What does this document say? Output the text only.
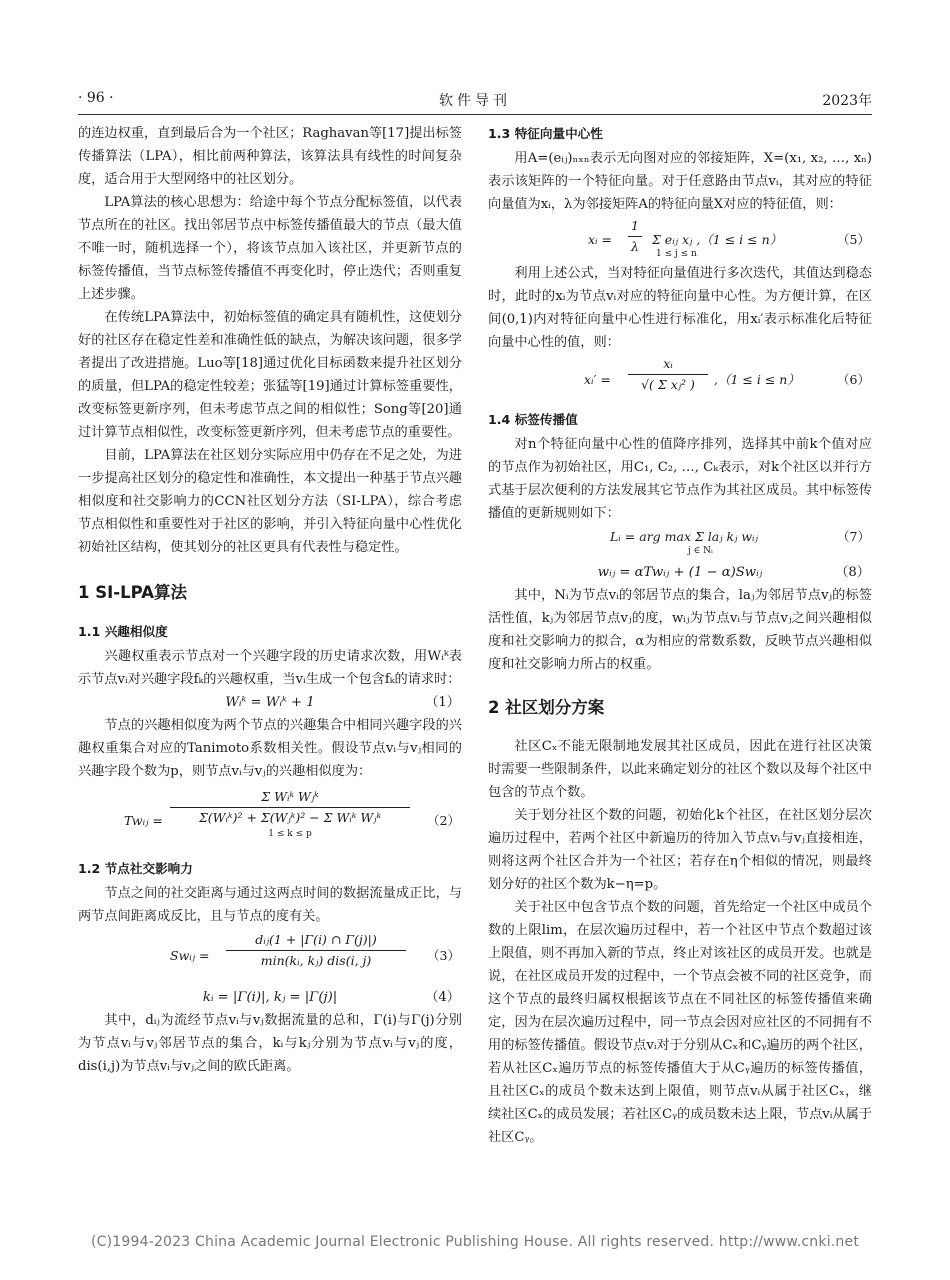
· 96 ·	软件导刊	2023年

的连边权重，直到最后合为一个社区；Raghavan等[17]提出标签传播算法（LPA），相比前两种算法，该算法具有线性的时间复杂度，适合用于大型网络中的社区划分。

LPA算法的核心思想为：给途中每个节点分配标签值，以代表节点所在的社区。找出邻居节点中标签传播值最大的节点（最大值不唯一时，随机选择一个），将该节点加入该社区，并更新节点的标签传播值，当节点标签传播值不再变化时，停止迭代；否则重复上述步骤。

在传统LPA算法中，初始标签值的确定具有随机性，这使划分好的社区存在稳定性差和准确性低的缺点，为解决该问题，很多学者提出了改进措施。Luo等[18]通过优化目标函数来提升社区划分的质量，但LPA的稳定性较差；张猛等[19]通过计算标签重要性，改变标签更新序列，但未考虑节点之间的相似性；Song等[20]通过计算节点相似性，改变标签更新序列，但未考虑节点的重要性。

目前，LPA算法在社区划分实际应用中仍存在不足之处，为进一步提高社区划分的稳定性和准确性，本文提出一种基于节点兴趣相似度和社交影响力的CCN社区划分方法（SI-LPA），综合考虑节点相似性和重要性对于社区的影响，并引入特征向量中心性优化初始社区结构，使其划分的社区更具有代表性与稳定性。

1 SI-LPA算法
1.1 兴趣相似度

兴趣权重表示节点对一个兴趣字段的历史请求次数，用Wᵢᵏ表示节点vᵢ对兴趣字段fₖ的兴趣权重，当vᵢ生成一个包含fₖ的请求时：

Wᵢᵏ = Wᵢᵏ + 1	（1）

节点的兴趣相似度为两个节点的兴趣集合中相同兴趣字段的兴趣权重集合对应的Tanimoto系数相关性。假设节点vᵢ与vⱼ相同的兴趣字段个数为p，则节点vᵢ与vⱼ的兴趣相似度为：

Twᵢⱼ =
Σ Wᵢᵏ Wⱼᵏ
Σ(Wᵢᵏ)² + Σ(Wⱼᵏ)² − Σ Wᵢᵏ Wⱼᵏ
1 ≤ k ≤ p
（2）
1.2 节点社交影响力

节点之间的社交距离与通过这两点时间的数据流量成正比，与两节点间距离成反比，且与节点的度有关。

Swᵢⱼ =
dᵢⱼ(1 + |Γ(i) ∩ Γ(j)|)
min(kᵢ, kⱼ) dis(i, j)	（3）
kᵢ = |Γ(i)|, kⱼ = |Γ(j)|	（4）

其中，dᵢⱼ为流经节点vᵢ与vⱼ数据流量的总和，Γ(i)与Γ(j)分别为节点vᵢ与vⱼ邻居节点的集合，kᵢ与kⱼ分别为节点vᵢ与vⱼ的度，dis(i,j)为节点vᵢ与vⱼ之间的欧氏距离。

1.3 特征向量中心性

用A=(eᵢⱼ)ₙₓₙ表示无向图对应的邻接矩阵，X=(x₁, x₂, …, xₙ)表示该矩阵的一个特征向量。对于任意路由节点vᵢ，其对应的特征向量值为xᵢ，λ为邻接矩阵A的特征向量X对应的特征值，则：

xᵢ = $\frac{1}{\lambda}$ Σ eᵢⱼ xⱼ ,（1 ≤ i ≤ n）
1 ≤ j ≤ n
（5）

利用上述公式，当对特征向量值进行多次迭代，其值达到稳态时，此时的xᵢ为节点vᵢ对应的特征向量中心性。为方便计算，在区间(0,1)内对特征向量中心性进行标准化，用xᵢ′表示标准化后特征向量中心性的值，则：

xᵢ′ = $\frac{\text{xᵢ}}{\text{√( Σ xⱼ² )}} ,(1 \le i \le n)$	（6）
1.4 标签传播值

对n个特征向量中心性的值降序排列，选择其中前k个值对应的节点作为初始社区，用C₁, C₂, …, Cₖ表示，对k个社区以并行方式基于层次便利的方法发展其它节点作为其社区成员。其中标签传播值的更新规则如下：

Lᵢ = arg max Σ laⱼ kⱼ wᵢⱼ
j ∈ Nᵢ
（7）
wᵢⱼ = αTwᵢⱼ + (1 − α)Swᵢⱼ	（8）

其中，Nᵢ为节点vᵢ的邻居节点的集合，laⱼ为邻居节点vⱼ的标签活性值，kⱼ为邻居节点vⱼ的度，wᵢⱼ为节点vᵢ与节点vⱼ之间兴趣相似度和社交影响力的拟合，α为相应的常数系数，反映节点兴趣相似度和社交影响力所占的权重。

2 社区划分方案

社区Cₓ不能无限制地发展其社区成员，因此在进行社区决策时需要一些限制条件，以此来确定划分的社区个数以及每个社区中包含的节点个数。

关于划分社区个数的问题，初始化k个社区，在社区划分层次遍历过程中，若两个社区中新遍历的待加入节点vᵢ与vⱼ直接相连，则将这两个社区合并为一个社区；若存在η个相似的情况，则最终划分好的社区个数为k−η=p。

关于社区中包含节点个数的问题，首先给定一个社区中成员个数的上限lim，在层次遍历过程中，若一个社区中节点个数超过该上限值，则不再加入新的节点，终止对该社区的成员开发。也就是说，在社区成员开发的过程中，一个节点会被不同的社区竞争，而这个节点的最终归属权根据该节点在不同社区的标签传播值来确定，因为在层次遍历过程中，同一节点会因对应社区的不同拥有不用的标签传播值。假设节点vᵢ对于分别从Cₓ和Cᵧ遍历的两个社区，若从社区Cₓ遍历节点的标签传播值大于从Cᵧ遍历的标签传播值，且社区Cₓ的成员个数未达到上限值，则节点vᵢ从属于社区Cₓ，继续社区Cₓ的成员发展；若社区Cᵧ的成员数未达上限，节点vᵢ从属于社区Cᵧ。

(C)1994-2023 China Academic Journal Electronic Publishing House. All rights reserved. http://www.cnki.net
